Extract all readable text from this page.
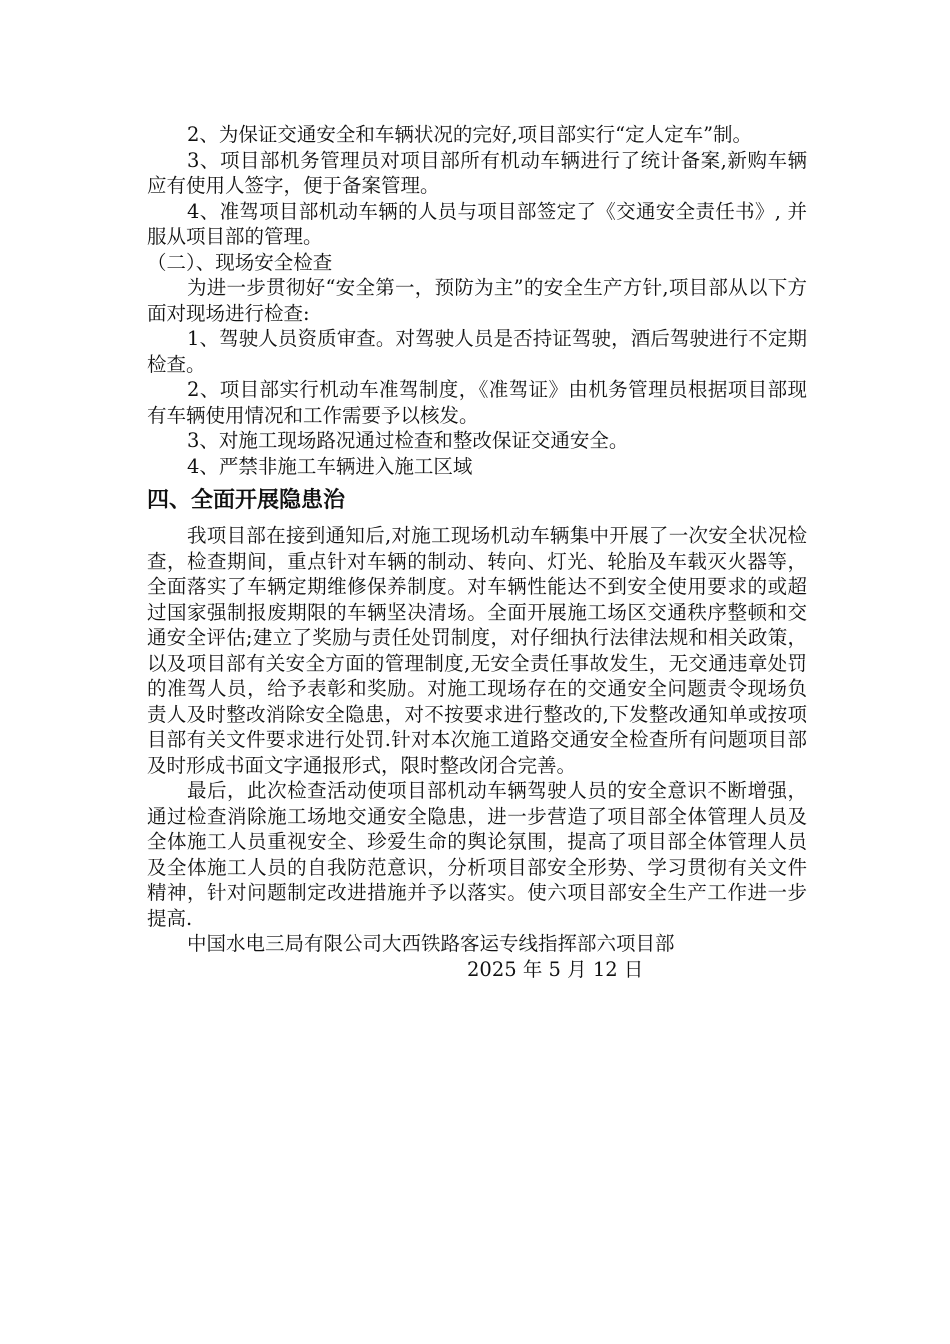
2、为保证交通安全和车辆状况的完好,项目部实行“定人定车”制。

3、项目部机务管理员对项目部所有机动车辆进行了统计备案,新购车辆应有使用人签字，便于备案管理。

4、准驾项目部机动车辆的人员与项目部签定了《交通安全责任书》, 并服从项目部的管理。

（二）、现场安全检查

为进一步贯彻好“安全第一，预防为主”的安全生产方针,项目部从以下方面对现场进行检查:

1、驾驶人员资质审查。对驾驶人员是否持证驾驶，酒后驾驶进行不定期检查。

2、项目部实行机动车准驾制度，《准驾证》由机务管理员根据项目部现有车辆使用情况和工作需要予以核发。

3、对施工现场路况通过检查和整改保证交通安全。

4、严禁非施工车辆进入施工区域

四、全面开展隐患治

我项目部在接到通知后,对施工现场机动车辆集中开展了一次安全状况检查，检查期间，重点针对车辆的制动、转向、灯光、轮胎及车载灭火器等，全面落实了车辆定期维修保养制度。对车辆性能达不到安全使用要求的或超过国家强制报废期限的车辆坚决清场。全面开展施工场区交通秩序整顿和交通安全评估;建立了奖励与责任处罚制度，对仔细执行法律法规和相关政策，以及项目部有关安全方面的管理制度,无安全责任事故发生，无交通违章处罚的准驾人员，给予表彰和奖励。对施工现场存在的交通安全问题责令现场负责人及时整改消除安全隐患，对不按要求进行整改的,下发整改通知单或按项目部有关文件要求进行处罚.针对本次施工道路交通安全检查所有问题项目部及时形成书面文字通报形式，限时整改闭合完善。

最后，此次检查活动使项目部机动车辆驾驶人员的安全意识不断增强，通过检查消除施工场地交通安全隐患，进一步营造了项目部全体管理人员及全体施工人员重视安全、珍爱生命的舆论氛围，提高了项目部全体管理人员及全体施工人员的自我防范意识，分析项目部安全形势、学习贯彻有关文件精神，针对问题制定改进措施并予以落实。使六项目部安全生产工作进一步提高.

中国水电三局有限公司大西铁路客运专线指挥部六项目部

2025 年 5 月 12 日
